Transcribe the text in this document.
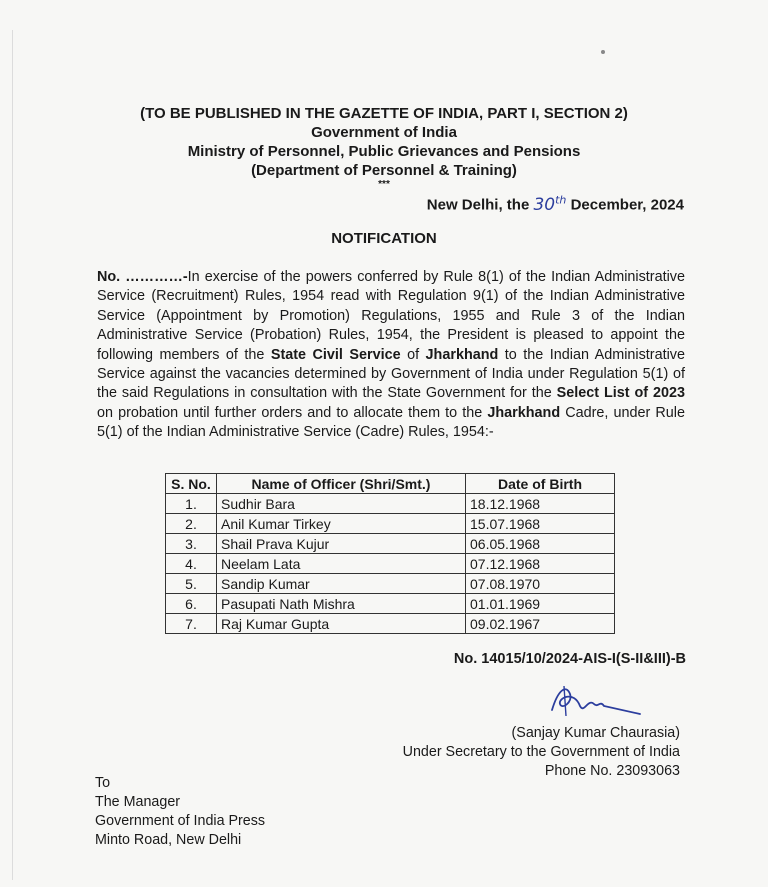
(TO BE PUBLISHED IN THE GAZETTE OF INDIA, PART I, SECTION 2)
Government of India
Ministry of Personnel, Public Grievances and Pensions
(Department of Personnel & Training)
***
New Delhi, the 30th December, 2024
NOTIFICATION
No. …………-In exercise of the powers conferred by Rule 8(1) of the Indian Administrative Service (Recruitment) Rules, 1954 read with Regulation 9(1) of the Indian Administrative Service (Appointment by Promotion) Regulations, 1955 and Rule 3 of the Indian Administrative Service (Probation) Rules, 1954, the President is pleased to appoint the following members of the State Civil Service of Jharkhand to the Indian Administrative Service against the vacancies determined by Government of India under Regulation 5(1) of the said Regulations in consultation with the State Government for the Select List of 2023 on probation until further orders and to allocate them to the Jharkhand Cadre, under Rule 5(1) of the Indian Administrative Service (Cadre) Rules, 1954:-
S. No.	Name of Officer (Shri/Smt.)	Date of Birth
1.	Sudhir Bara	18.12.1968
2.	Anil Kumar Tirkey	15.07.1968
3.	Shail Prava Kujur	06.05.1968
4.	Neelam Lata	07.12.1968
5.	Sandip Kumar	07.08.1970
6.	Pasupati Nath Mishra	01.01.1969
7.	Raj Kumar Gupta	09.02.1967
No. 14015/10/2024-AIS-I(S-II&III)-B
(Sanjay Kumar Chaurasia)
Under Secretary to the Government of India
Phone No. 23093063
To
The Manager
Government of India Press
Minto Road, New Delhi
